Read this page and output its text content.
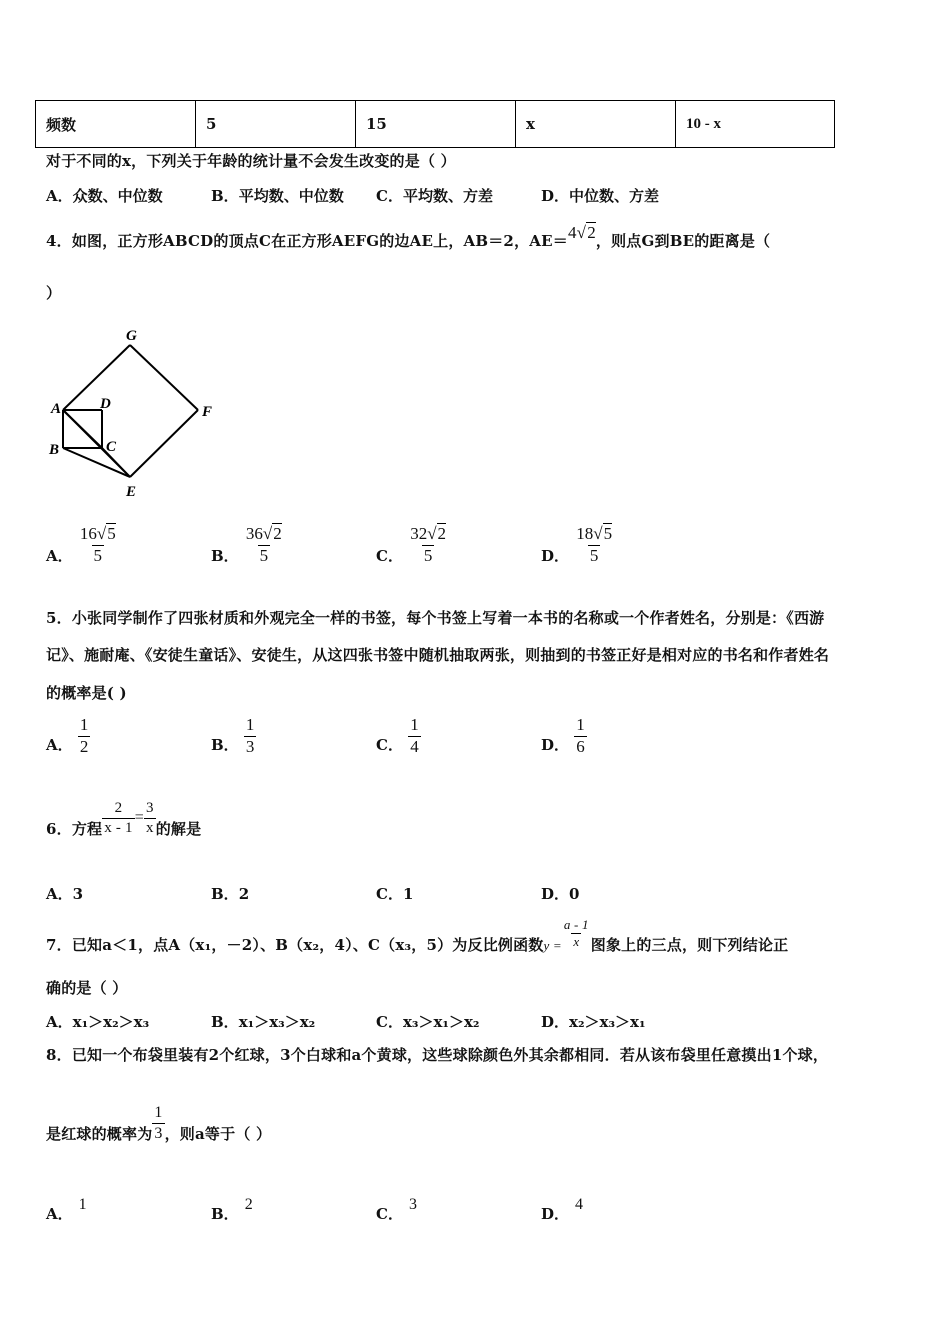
频数	5	15	x	10 - x
对于不同的x，下列关于年龄的统计量不会发生改变的是（ ）
A．众数、中位数	B．平均数、中位数 C．平均数、方差	D．中位数、方差
4．如图，正方形ABCD的顶点C在正方形AEFG的边AE上，AB＝2，AE＝4√2，则点G到BE的距离是（
）
G
A	D	F
B	C
E
A． $\frac{16√5}{5}$	B． $\frac{36√2}{5}$	C． $\frac{32√2}{5}$	D． $\frac{18√5}{5}$
5．小张同学制作了四张材质和外观完全一样的书签，每个书签上写着一本书的名称或一个作者姓名，分别是：《西游
记》、施耐庵、《安徒生童话》、安徒生，从这四张书签中随机抽取两张，则抽到的书签正好是相对应的书名和作者姓名
的概率是( )
A． $\frac{1}{2}$	B． $\frac{1}{3}$	C． $\frac{1}{4}$	D． $\frac{1}{6}$
6．方程 $\frac{2}{x - 1} = \frac{3}{x}$ 的解是
A．3	B．2	C．1	D．0
7．已知a＜1，点A（x₁，－2）、B（x₂，4）、C（x₃，5）为反比例函数$y = \frac{a - 1}{x}$ 图象上的三点，则下列结论正
确的是（ ）
A．x₁＞x₂＞x₃	B．x₁＞x₃＞x₂	C．x₃＞x₁＞x₂	D．x₂＞x₃＞x₁
8．已知一个布袋里装有2个红球，3个白球和a个黄球，这些球除颜色外其余都相同．若从该布袋里任意摸出1个球，
是红球的概率为 $\frac{1}{3}$ ，则a等于（ ）
A．1
B．2
C．3
D．4
